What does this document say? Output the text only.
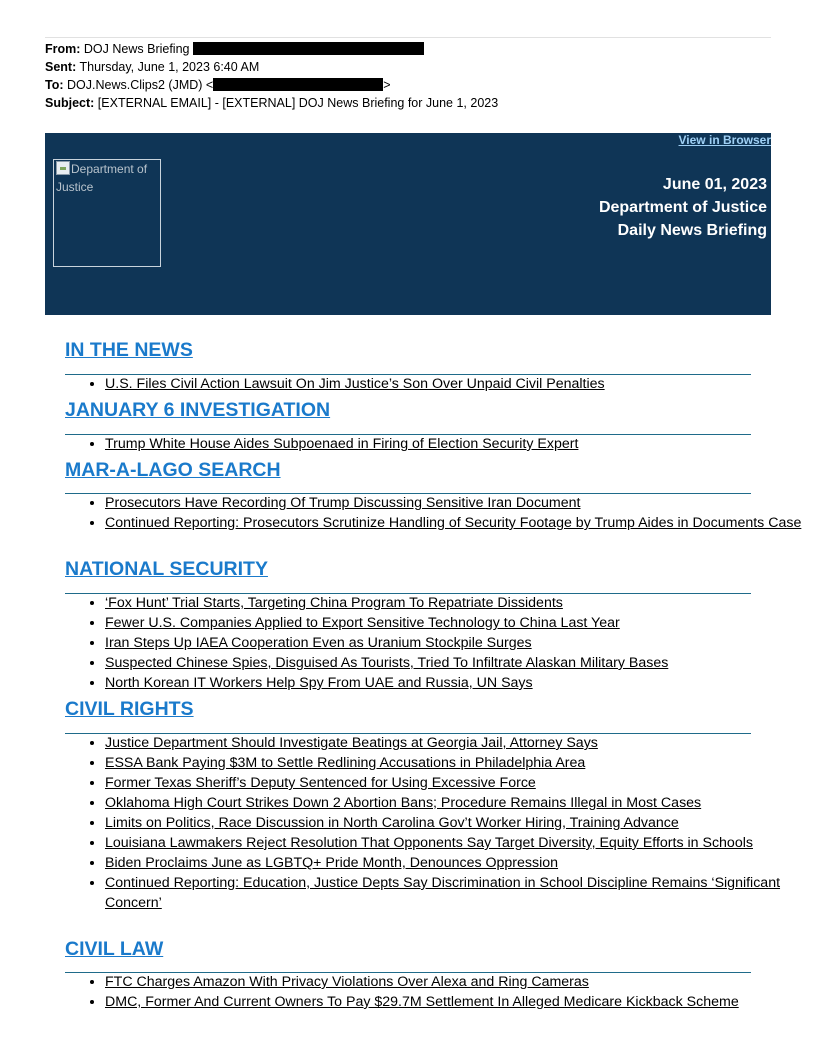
From: DOJ News Briefing
Sent: Thursday, June 1, 2023 6:40 AM
To: DOJ.News.Clips2 (JMD) <	>
Subject: [EXTERNAL EMAIL] - [EXTERNAL] DOJ News Briefing for June 1, 2023
View in Browser
Department of Justice	June 01, 2023
Department of Justice
Daily News Briefing
IN THE NEWS
• U.S. Files Civil Action Lawsuit On Jim Justice’s Son Over Unpaid Civil Penalties
JANUARY 6 INVESTIGATION
• Trump White House Aides Subpoenaed in Firing of Election Security Expert
MAR-A-LAGO SEARCH
• Prosecutors Have Recording Of Trump Discussing Sensitive Iran Document
• Continued Reporting: Prosecutors Scrutinize Handling of Security Footage by Trump Aides in Documents Case
NATIONAL SECURITY
• ‘Fox Hunt’ Trial Starts, Targeting China Program To Repatriate Dissidents
• Fewer U.S. Companies Applied to Export Sensitive Technology to China Last Year
• Iran Steps Up IAEA Cooperation Even as Uranium Stockpile Surges
• Suspected Chinese Spies, Disguised As Tourists, Tried To Infiltrate Alaskan Military Bases
• North Korean IT Workers Help Spy From UAE and Russia, UN Says
CIVIL RIGHTS
• Justice Department Should Investigate Beatings at Georgia Jail, Attorney Says
• ESSA Bank Paying $3M to Settle Redlining Accusations in Philadelphia Area
• Former Texas Sheriff’s Deputy Sentenced for Using Excessive Force
• Oklahoma High Court Strikes Down 2 Abortion Bans; Procedure Remains Illegal in Most Cases
• Limits on Politics, Race Discussion in North Carolina Gov’t Worker Hiring, Training Advance
• Louisiana Lawmakers Reject Resolution That Opponents Say Target Diversity, Equity Efforts in Schools
• Biden Proclaims June as LGBTQ+ Pride Month, Denounces Oppression
• Continued Reporting: Education, Justice Depts Say Discrimination in School Discipline Remains ‘Significant Concern’
CIVIL LAW
• FTC Charges Amazon With Privacy Violations Over Alexa and Ring Cameras
• DMC, Former And Current Owners To Pay $29.7M Settlement In Alleged Medicare Kickback Scheme
